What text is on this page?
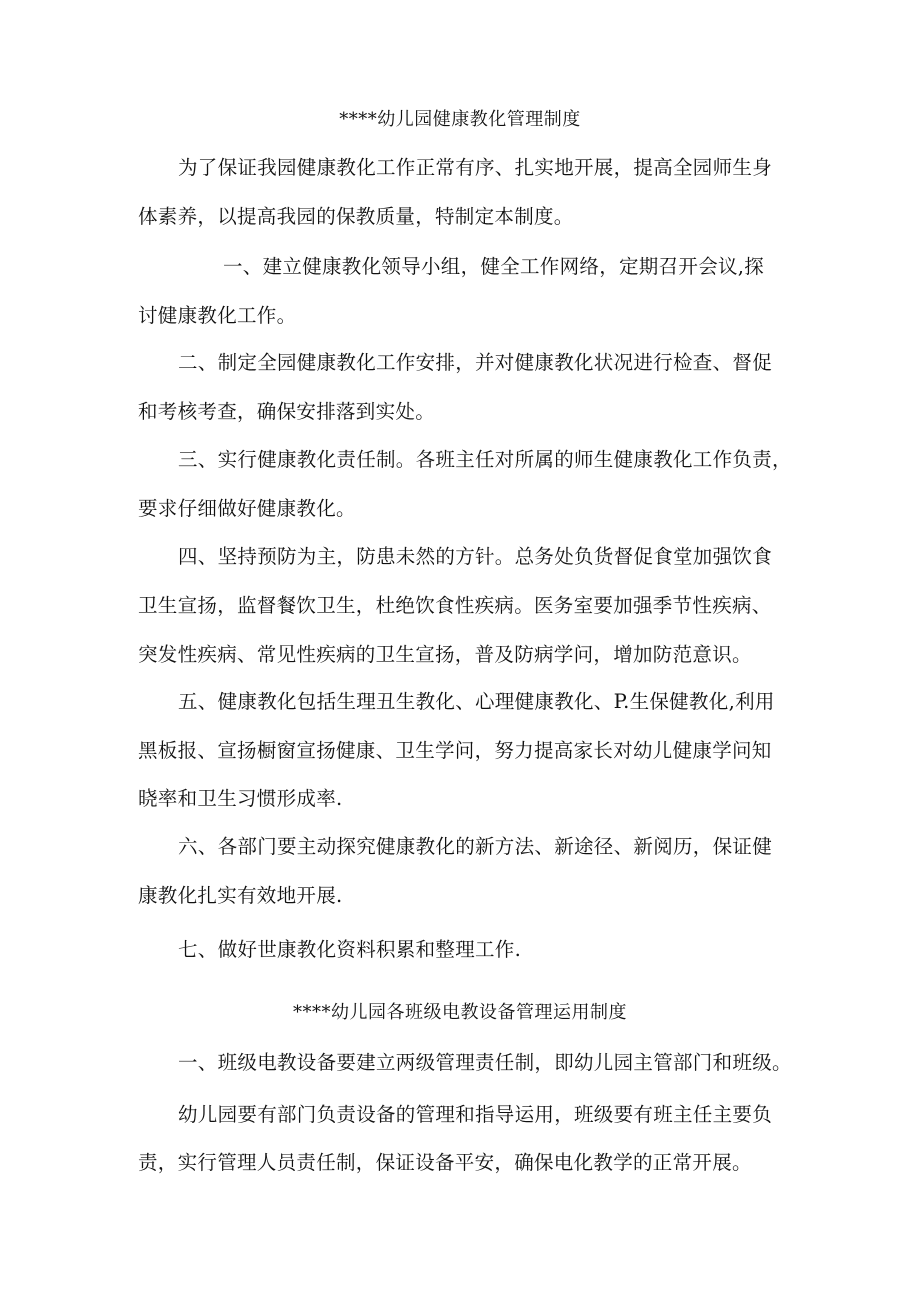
****幼儿园健康教化管理制度
为了保证我园健康教化工作正常有序、扎实地开展，提高全园师生身
体素养，以提高我园的保教质量，特制定本制度。
一、建立健康教化领导小组，健全工作网络，定期召开会议,探
讨健康教化工作。
二、制定全园健康教化工作安排，并对健康教化状况进行检查、督促
和考核考查，确保安排落到实处。
三、实行健康教化责任制。各班主任对所属的师生健康教化工作负责，
要求仔细做好健康教化。
四、坚持预防为主，防患未然的方针。总务处负货督促食堂加强饮食
卫生宣扬，监督餐饮卫生，杜绝饮食性疾病。医务室要加强季节性疾病、
突发性疾病、常见性疾病的卫生宣扬，普及防病学问，增加防范意识。
五、健康教化包括生理丑生教化、心理健康教化、P.生保健教化,利用
黑板报、宣扬橱窗宣扬健康、卫生学问，努力提高家长对幼儿健康学问知
晓率和卫生习惯形成率.
六、各部门要主动探究健康教化的新方法、新途径、新阅历，保证健
康教化扎实有效地开展.
七、做好世康教化资料积累和整理工作.
****幼儿园各班级电教设备管理运用制度
一、班级电教设备要建立两级管理责任制，即幼儿园主管部门和班级。
幼儿园要有部门负责设备的管理和指导运用，班级要有班主任主要负
责，实行管理人员责任制，保证设备平安，确保电化教学的正常开展。
